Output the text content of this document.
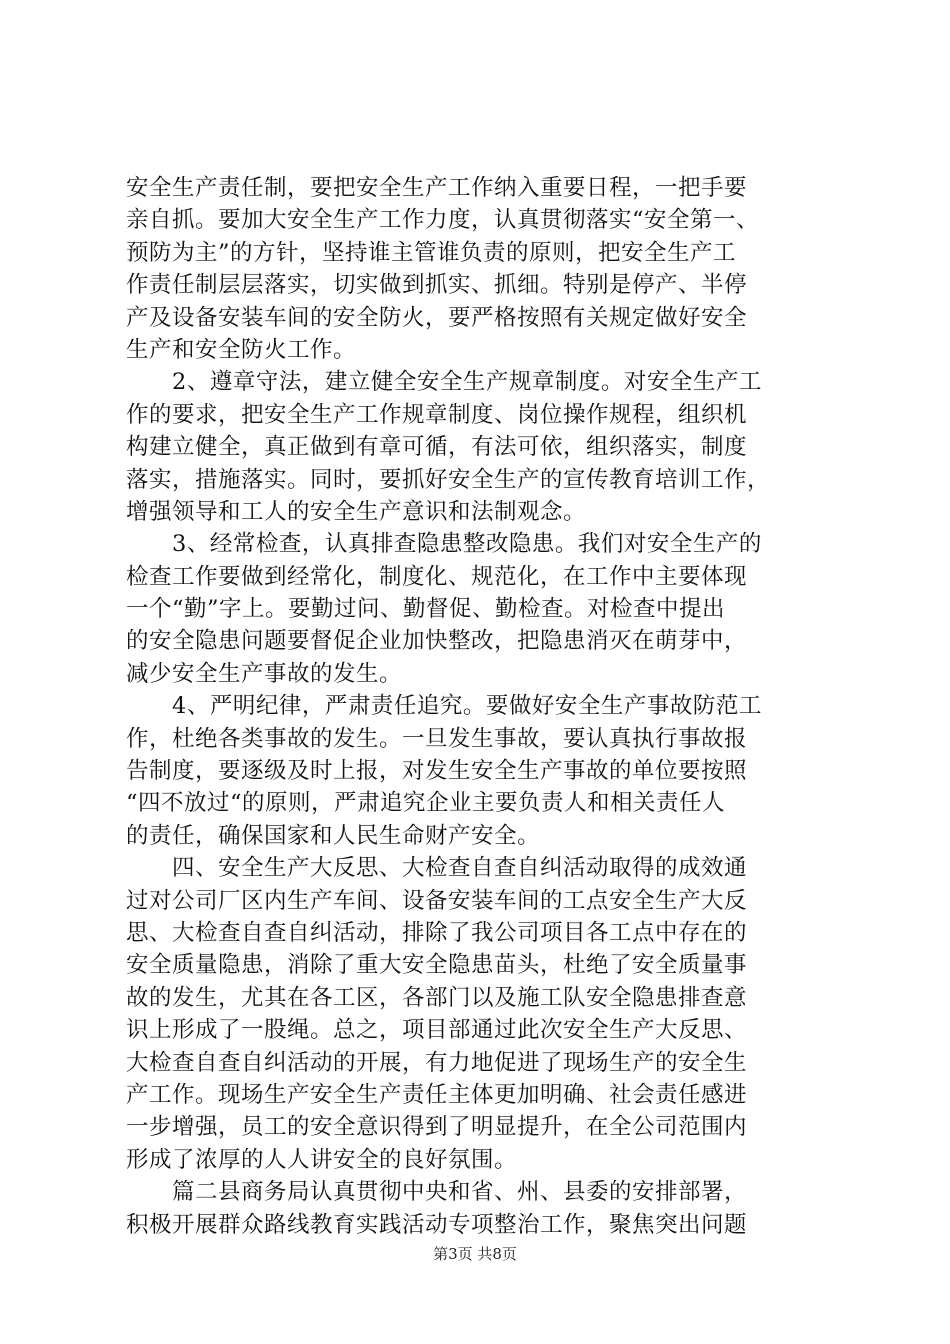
安全生产责任制，要把安全生产工作纳入重要日程，一把手要
亲自抓。要加大安全生产工作力度，认真贯彻落实“安全第一、
预防为主”的方针，坚持谁主管谁负责的原则，把安全生产工
作责任制层层落实，切实做到抓实、抓细。特别是停产、半停
产及设备安装车间的安全防火，要严格按照有关规定做好安全
生产和安全防火工作。
　　2、遵章守法，建立健全安全生产规章制度。对安全生产工
作的要求，把安全生产工作规章制度、岗位操作规程，组织机
构建立健全，真正做到有章可循，有法可依，组织落实，制度
落实，措施落实。同时，要抓好安全生产的宣传教育培训工作，
增强领导和工人的安全生产意识和法制观念。
　　3、经常检查，认真排查隐患整改隐患。我们对安全生产的
检查工作要做到经常化，制度化、规范化，在工作中主要体现
一个“勤”字上。要勤过问、勤督促、勤检查。对检查中提出
的安全隐患问题要督促企业加快整改，把隐患消灭在萌芽中，
减少安全生产事故的发生。
　　4、严明纪律，严肃责任追究。要做好安全生产事故防范工
作，杜绝各类事故的发生。一旦发生事故，要认真执行事故报
告制度，要逐级及时上报，对发生安全生产事故的单位要按照
“四不放过“的原则，严肃追究企业主要负责人和相关责任人
的责任，确保国家和人民生命财产安全。
　　四、安全生产大反思、大检查自查自纠活动取得的成效通
过对公司厂区内生产车间、设备安装车间的工点安全生产大反
思、大检查自查自纠活动，排除了我公司项目各工点中存在的
安全质量隐患，消除了重大安全隐患苗头，杜绝了安全质量事
故的发生，尤其在各工区，各部门以及施工队安全隐患排查意
识上形成了一股绳。总之，项目部通过此次安全生产大反思、
大检查自查自纠活动的开展，有力地促进了现场生产的安全生
产工作。现场生产安全生产责任主体更加明确、社会责任感进
一步增强，员工的安全意识得到了明显提升，在全公司范围内
形成了浓厚的人人讲安全的良好氛围。
　　篇二县商务局认真贯彻中央和省、州、县委的安排部署，
积极开展群众路线教育实践活动专项整治工作，聚焦突出问题
第3页 共8页
